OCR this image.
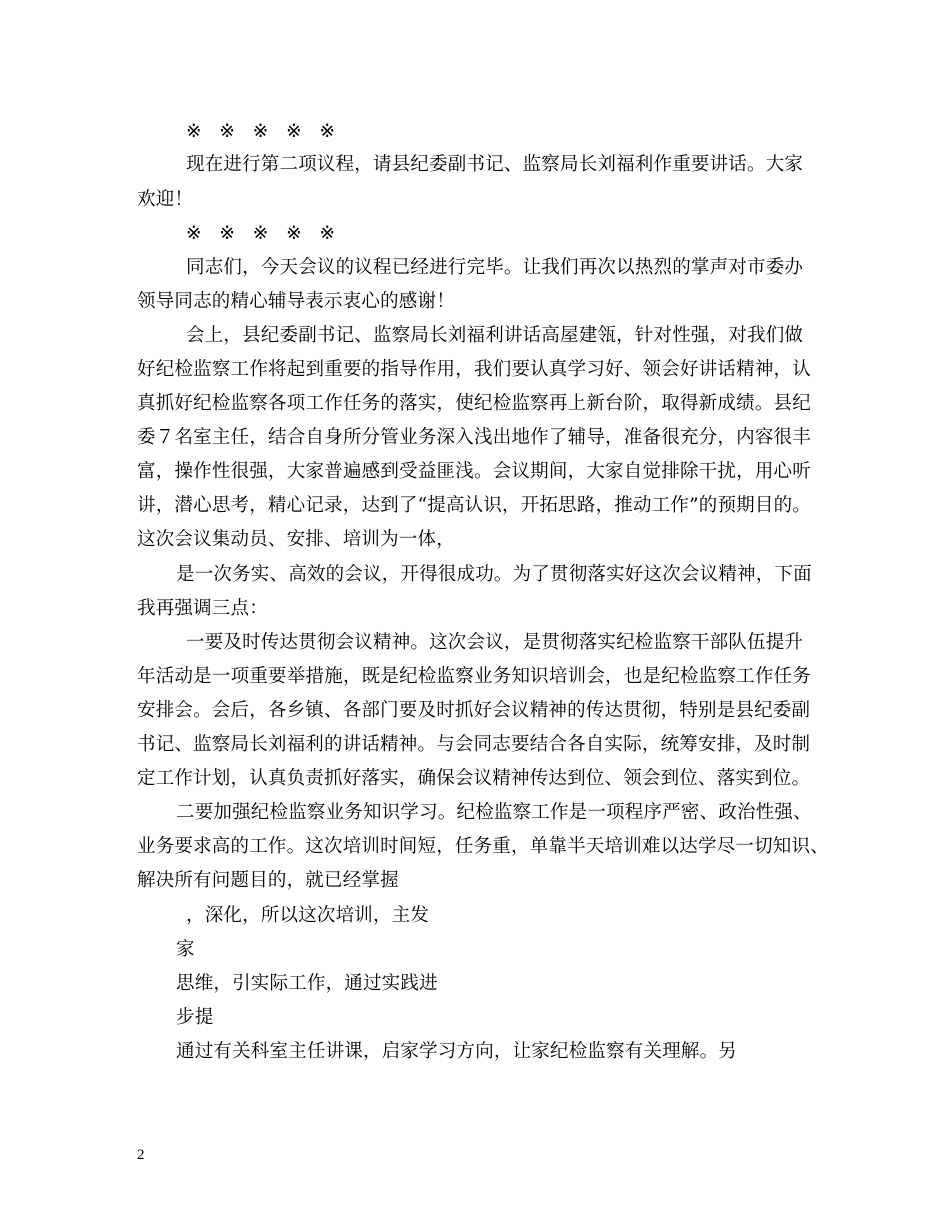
※ ※ ※ ※ ※
现在进行第二项议程，请县纪委副书记、监察局长刘福利作重要讲话。大家
欢迎！
※ ※ ※ ※ ※
同志们，今天会议的议程已经进行完毕。让我们再次以热烈的掌声对市委办
领导同志的精心辅导表示衷心的感谢！
会上，县纪委副书记、监察局长刘福利讲话高屋建瓴，针对性强，对我们做
好纪检监察工作将起到重要的指导作用，我们要认真学习好、领会好讲话精神，认
真抓好纪检监察各项工作任务的落实，使纪检监察再上新台阶，取得新成绩。县纪
委７名室主任，结合自身所分管业务深入浅出地作了辅导，准备很充分，内容很丰
富，操作性很强，大家普遍感到受益匪浅。会议期间，大家自觉排除干扰，用心听
讲，潜心思考，精心记录，达到了“提高认识，开拓思路，推动工作”的预期目的。
这次会议集动员、安排、培训为一体，
是一次务实、高效的会议，开得很成功。为了贯彻落实好这次会议精神，下面
我再强调三点：
一要及时传达贯彻会议精神。这次会议，是贯彻落实纪检监察干部队伍提升
年活动是一项重要举措施，既是纪检监察业务知识培训会，也是纪检监察工作任务
安排会。会后，各乡镇、各部门要及时抓好会议精神的传达贯彻，特别是县纪委副
书记、监察局长刘福利的讲话精神。与会同志要结合各自实际，统筹安排，及时制
定工作计划，认真负责抓好落实，确保会议精神传达到位、领会到位、落实到位。
二要加强纪检监察业务知识学习。纪检监察工作是一项程序严密、政治性强、
业务要求高的工作。这次培训时间短，任务重，单靠半天培训难以达学尽一切知识、
解决所有问题目的，就已经掌握
，深化，所以这次培训，主发
家
思维，引实际工作，通过实践进
步提
通过有关科室主任讲课，启家学习方向，让家纪检监察有关理解。另
2
